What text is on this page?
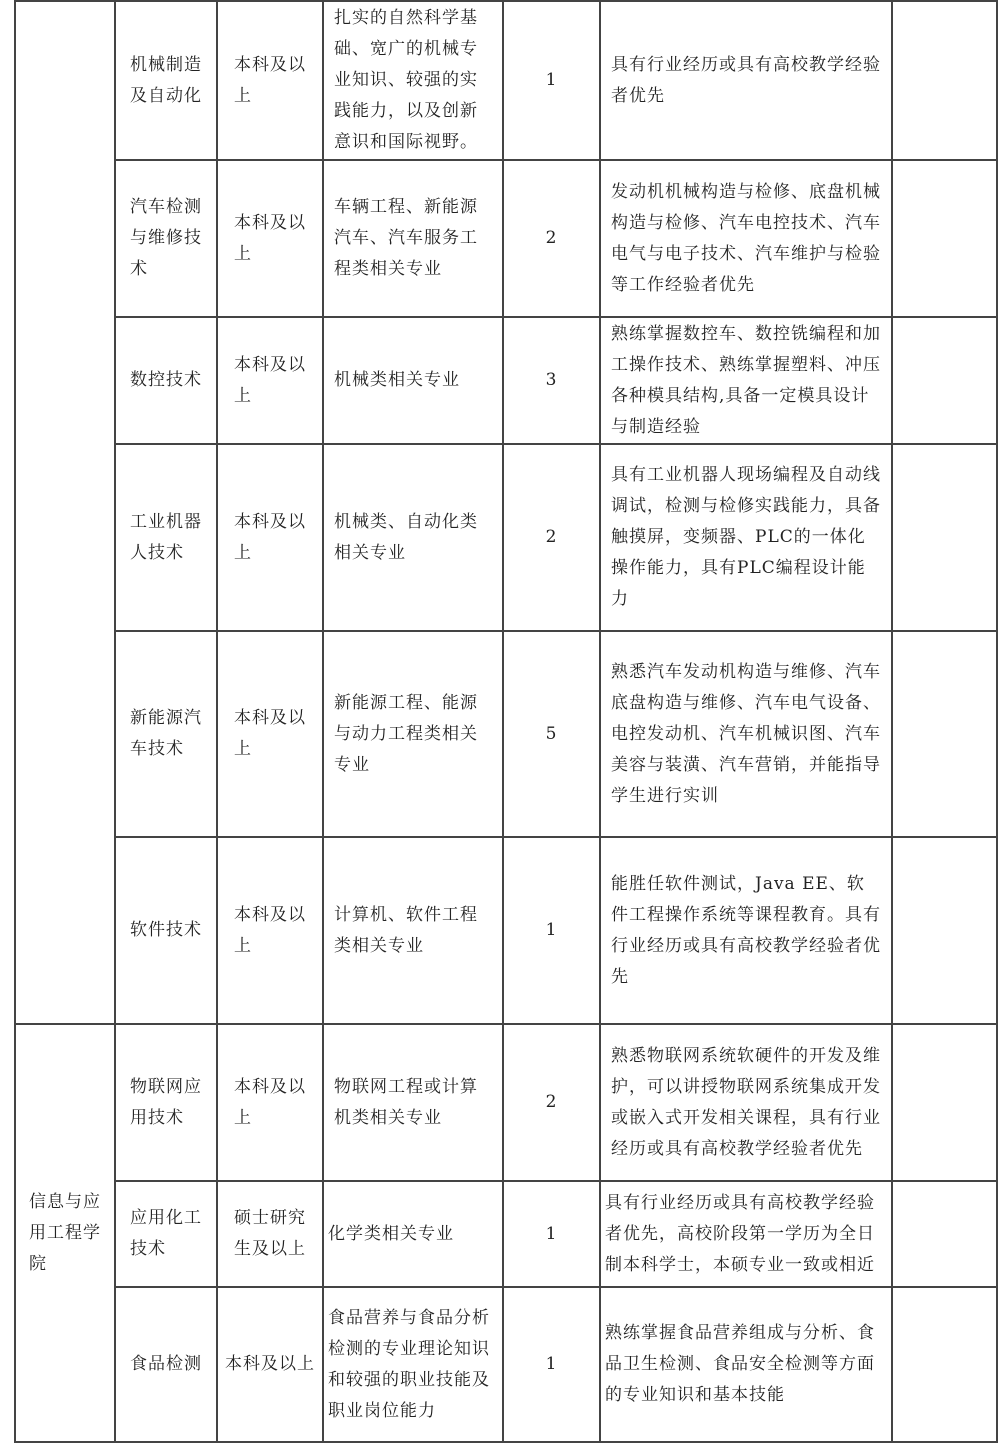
	机械制造及自动化	本科及以上	扎实的自然科学基础、宽广的机械专业知识、较强的实践能力，以及创新意识和国际视野。	1	具有行业经历或具有高校教学经验者优先	
	汽车检测与维修技术	本科及以上	车辆工程、新能源汽车、汽车服务工程类相关专业	2	发动机机械构造与检修、底盘机械构造与检修、汽车电控技术、汽车电气与电子技术、汽车维护与检验等工作经验者优先	
	数控技术	本科及以上	机械类相关专业	3	熟练掌握数控车、数控铣编程和加工操作技术、熟练掌握塑料、冲压各种模具结构,具备一定模具设计与制造经验	
	工业机器人技术	本科及以上	机械类、自动化类相关专业	2	具有工业机器人现场编程及自动线调试，检测与检修实践能力，具备触摸屏，变频器、PLC的一体化操作能力，具有PLC编程设计能力	
	新能源汽车技术	本科及以上	新能源工程、能源与动力工程类相关专业	5	熟悉汽车发动机构造与维修、汽车底盘构造与维修、汽车电气设备、电控发动机、汽车机械识图、汽车美容与装潢、汽车营销，并能指导学生进行实训	
	软件技术	本科及以上	计算机、软件工程类相关专业	1	能胜任软件测试，Java EE、软件工程操作系统等课程教育。具有行业经历或具有高校教学经验者优先	
信息与应用工程学院	物联网应用技术	本科及以上	物联网工程或计算机类相关专业	2	熟悉物联网系统软硬件的开发及维护，可以讲授物联网系统集成开发或嵌入式开发相关课程，具有行业经历或具有高校教学经验者优先	
	应用化工技术	硕士研究生及以上	化学类相关专业	1	具有行业经历或具有高校教学经验者优先，高校阶段第一学历为全日制本科学士，本硕专业一致或相近	
	食品检测	本科及以上	食品营养与食品分析检测的专业理论知识和较强的职业技能及职业岗位能力	1	熟练掌握食品营养组成与分析、食品卫生检测、食品安全检测等方面的专业知识和基本技能	
